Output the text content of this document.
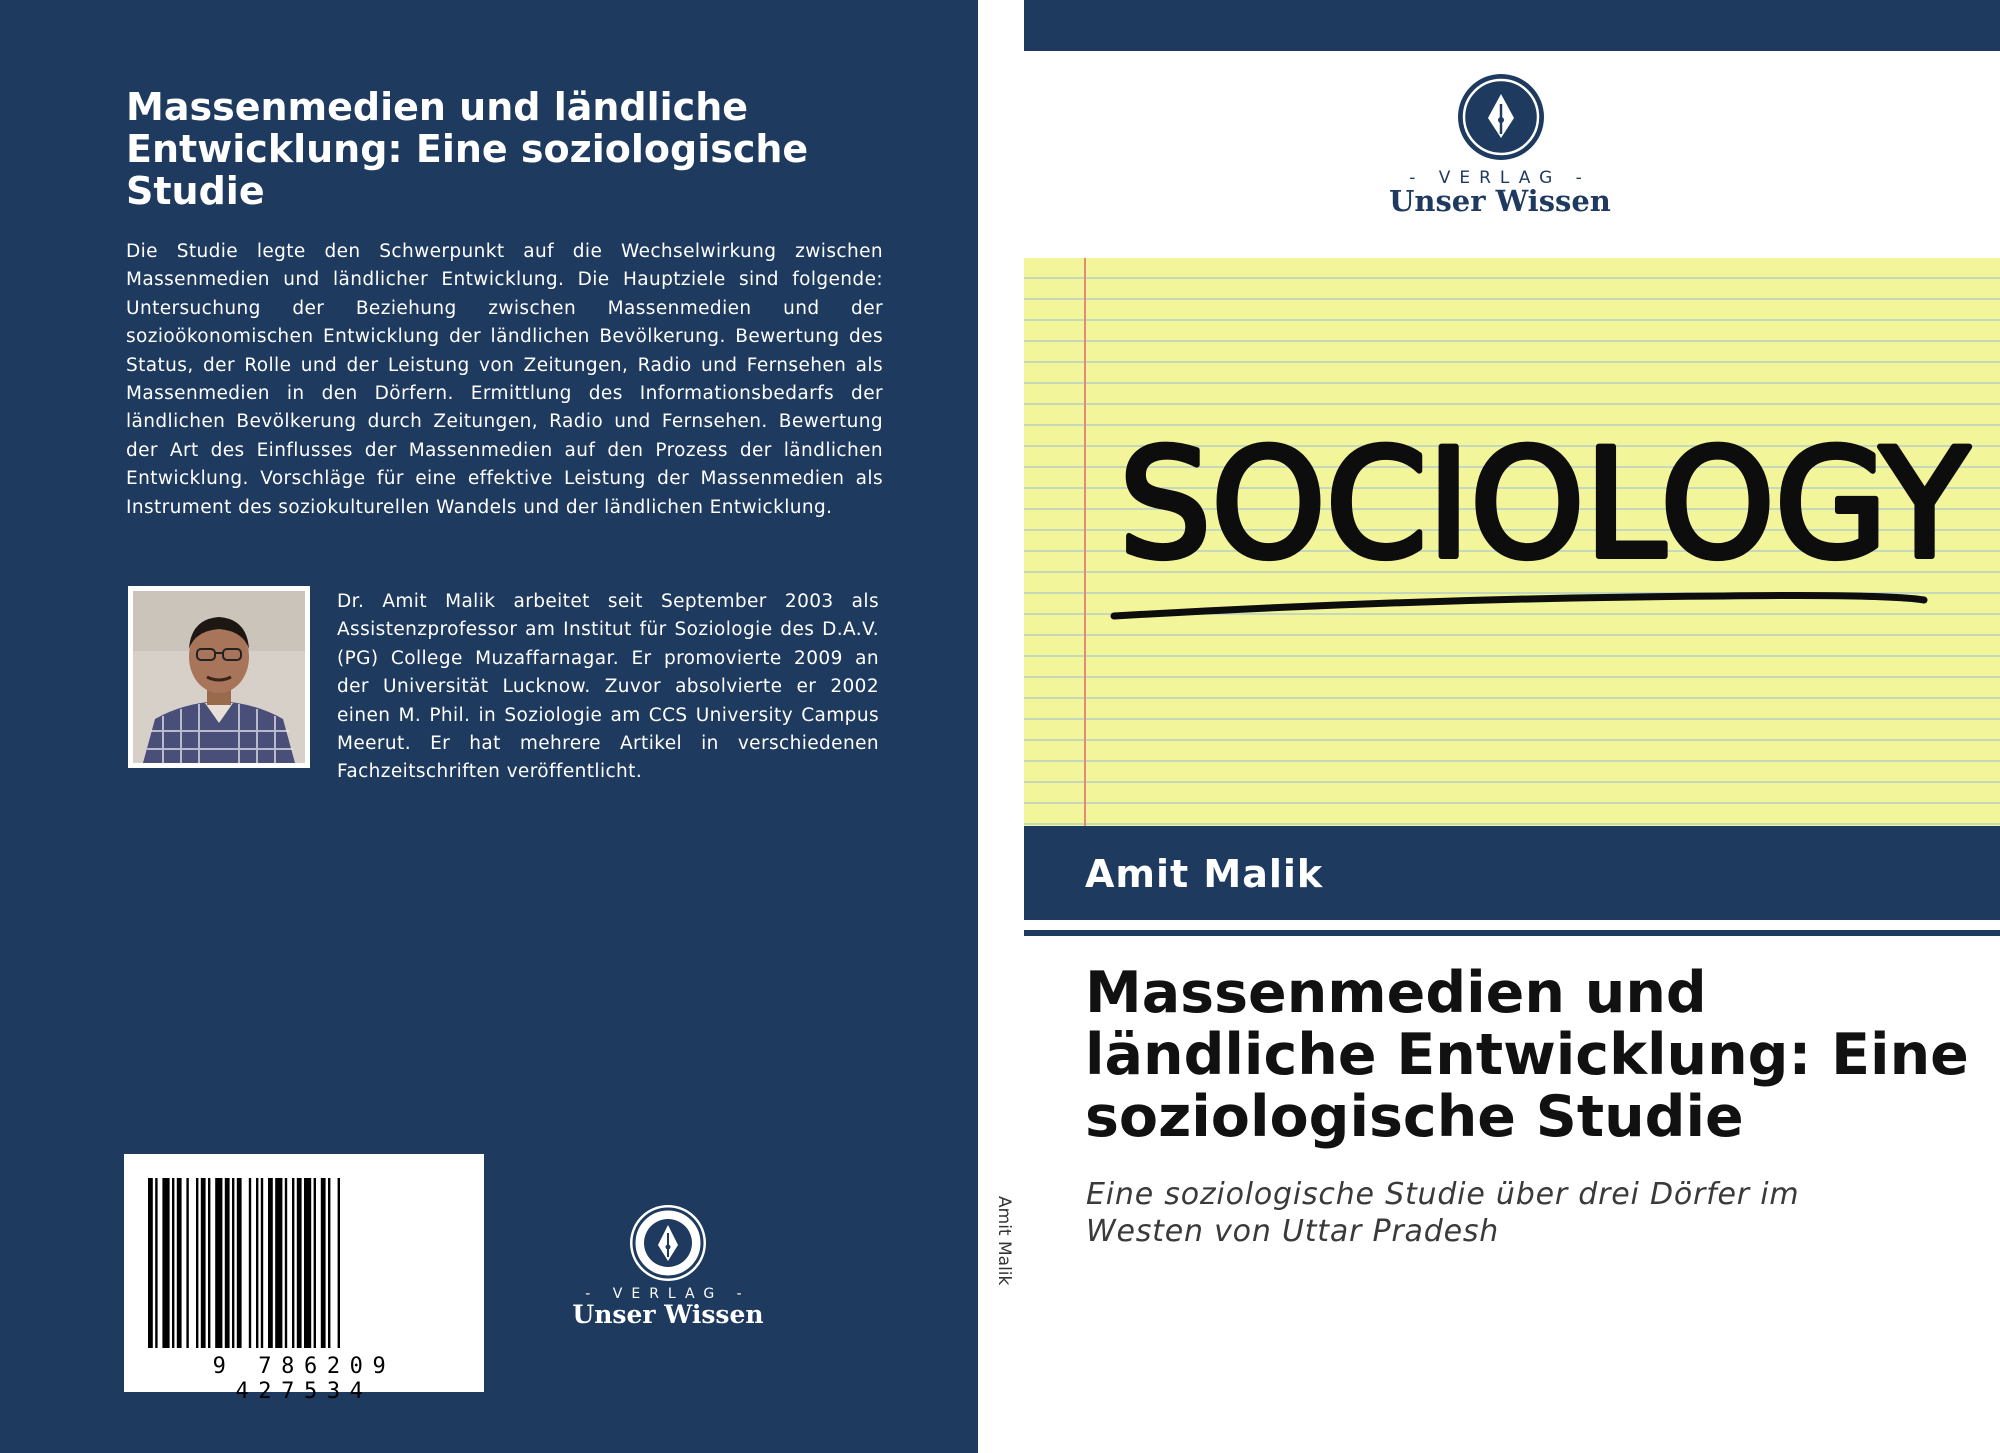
Massenmedien und ländliche Entwicklung: Eine soziologische Studie
Die Studie legte den Schwerpunkt auf die Wechselwirkung zwischen Massenmedien und ländlicher Entwicklung. Die Hauptziele sind folgende: Untersuchung der Beziehung zwischen Massenmedien und der sozioökonomischen Entwicklung der ländlichen Bevölkerung. Bewertung des Status, der Rolle und der Leistung von Zeitungen, Radio und Fernsehen als Massenmedien in den Dörfern. Ermittlung des Informationsbedarfs der ländlichen Bevölkerung durch Zeitungen, Radio und Fernsehen. Bewertung der Art des Einflusses der Massenmedien auf den Prozess der ländlichen Entwicklung. Vorschläge für eine effektive Leistung der Massenmedien als Instrument des soziokulturellen Wandels und der ländlichen Entwicklung.
Dr. Amit Malik arbeitet seit September 2003 als Assistenzprofessor am Institut für Soziologie des D.A.V. (PG) College Muzaffarnagar. Er promovierte 2009 an der Universität Lucknow. Zuvor absolvierte er 2002 einen M. Phil. in Soziologie am CCS University Campus Meerut. Er hat mehrere Artikel in verschiedenen Fachzeitschriften veröffentlicht.
9 786209 427534
- VERLAG -
Unser Wissen
Amit Malik
- VERLAG -
Unser Wissen
SOCIOLOGY
Amit Malik
Massenmedien und ländliche Entwicklung: Eine soziologische Studie
Eine soziologische Studie über drei Dörfer im Westen von Uttar Pradesh
